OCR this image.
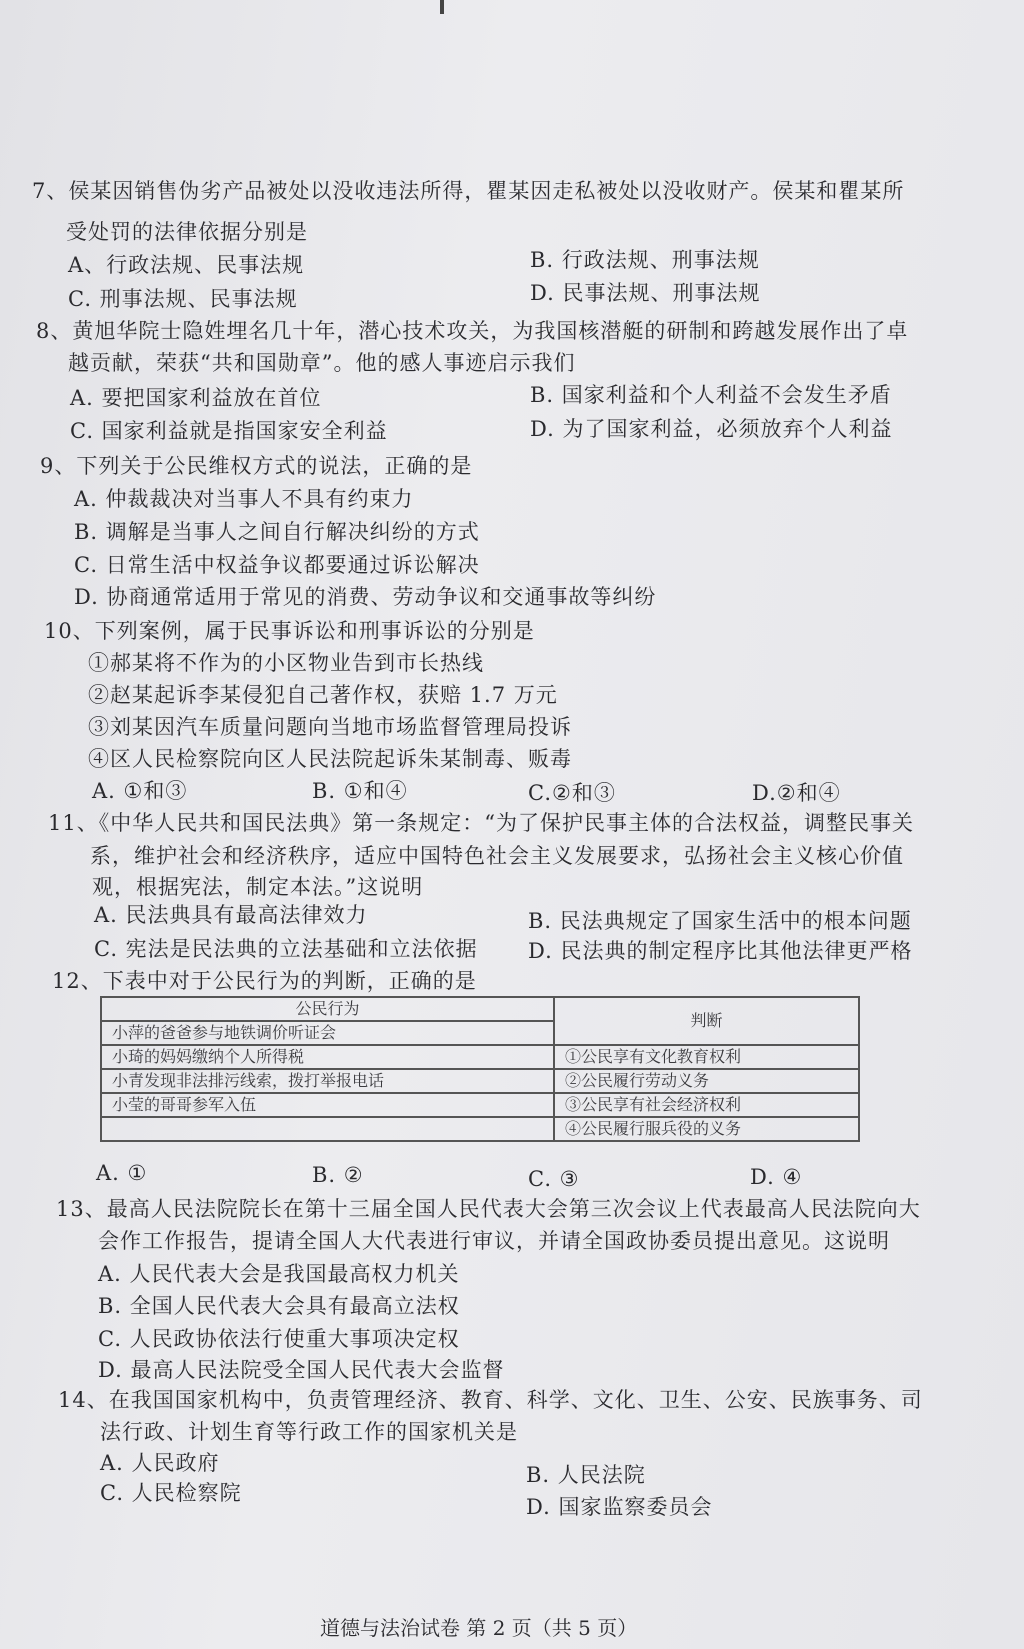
7、侯某因销售伪劣产品被处以没收违法所得，瞿某因走私被处以没收财产。侯某和瞿某所
受处罚的法律依据分别是
A、行政法规、民事法规	B. 行政法规、刑事法规
C. 刑事法规、民事法规	D. 民事法规、刑事法规
8、黄旭华院士隐姓埋名几十年，潜心技术攻关，为我国核潜艇的研制和跨越发展作出了卓
越贡献，荣获“共和国勋章”。他的感人事迹启示我们
A. 要把国家利益放在首位	B. 国家利益和个人利益不会发生矛盾
C. 国家利益就是指国家安全利益	D. 为了国家利益，必须放弃个人利益
9、下列关于公民维权方式的说法，正确的是
A. 仲裁裁决对当事人不具有约束力
B. 调解是当事人之间自行解决纠纷的方式
C. 日常生活中权益争议都要通过诉讼解决
D. 协商通常适用于常见的消费、劳动争议和交通事故等纠纷
10、下列案例，属于民事诉讼和刑事诉讼的分别是
①郝某将不作为的小区物业告到市长热线
②赵某起诉李某侵犯自己著作权，获赔 1.7 万元
③刘某因汽车质量问题向当地市场监督管理局投诉
④区人民检察院向区人民法院起诉朱某制毒、贩毒
A. ①和③	B. ①和④	C.②和③	D.②和④
11、《中华人民共和国民法典》第一条规定：“为了保护民事主体的合法权益，调整民事关
系，维护社会和经济秩序，适应中国特色社会主义发展要求，弘扬社会主义核心价值
观，根据宪法，制定本法。”这说明
A. 民法典具有最高法律效力	B. 民法典规定了国家生活中的根本问题
C. 宪法是民法典的立法基础和立法依据 D. 民法典的制定程序比其他法律更严格
12、下表中对于公民行为的判断，正确的是
公民行为	判断
小萍的爸爸参与地铁调价听证会	
小琦的妈妈缴纳个人所得税	①公民享有文化教育权利
小青发现非法排污线索，拨打举报电话	②公民履行劳动义务
小莹的哥哥参军入伍	③公民享有社会经济权利
	④公民履行服兵役的义务
A. ①	B. ②	C. ③	D. ④
13、最高人民法院院长在第十三届全国人民代表大会第三次会议上代表最高人民法院向大
会作工作报告，提请全国人大代表进行审议，并请全国政协委员提出意见。这说明
A. 人民代表大会是我国最高权力机关
B. 全国人民代表大会具有最高立法权
C. 人民政协依法行使重大事项决定权
D. 最高人民法院受全国人民代表大会监督
14、在我国国家机构中，负责管理经济、教育、科学、文化、卫生、公安、民族事务、司
法行政、计划生育等行政工作的国家机关是
A. 人民政府	B. 人民法院
C. 人民检察院
D. 国家监察委员会
道德与法治试卷 第 2 页（共 5 页）
